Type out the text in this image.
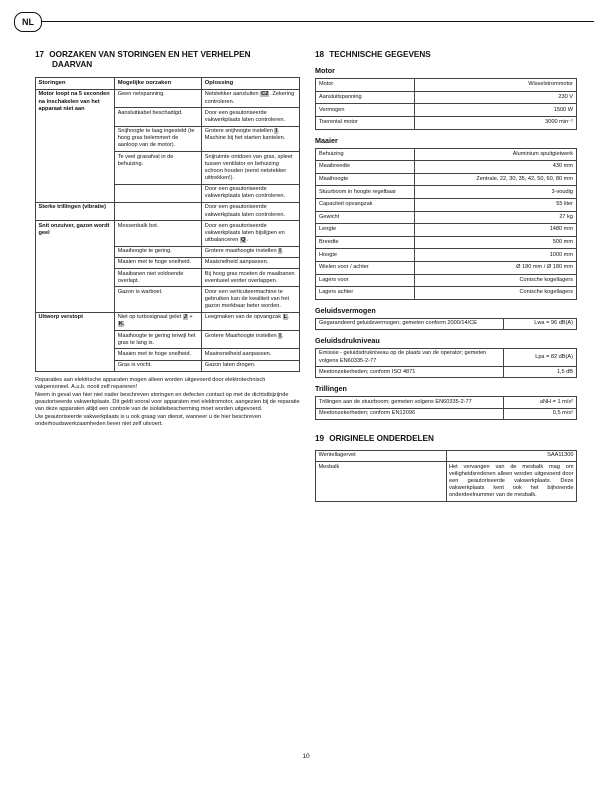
NL
17 OORZAKEN VAN STORINGEN EN HET VERHELPEN
DAARVAN
Storingen	Mogelijke oorzaken	Oplossing
Motor loopt na 5 seconden na inschakelen van het apparaat niet aan	Geen netspanning.	Netstekker aansluiten C2. Zekering controleren.
	Aansluitkabel beschadigd.	Door een geautoriseerde vakwerkplaats laten controleren.
	Snijhoogte te laag ingesteld (te hoog gras belemmert de aanloop van de motor).	Grotere snijhoogte instellen I. Machine bij het starten kantelen.
	Te veel grasafval in de behuizing.	Snijruimte ontdoen van gras, spleet tussen ventilator en behuizing schoon houden (eerst netstekker uittrekken!).
		Door een geautoriseerde vakwerkplaats laten controleren.
Sterke trillingen (vibratie)		Door een geautoriseerde vakwerkplaats laten controleren.
Snit onzuiver, gazon wordt geel	Messenbalk bot.	Door een geautoriseerde vakwerkplaats laten bijslijpen en uitbalanceren Q.
	Maaihoogte te gering.	Grotere maaihoogte instellen I.
	Maaien met te hoge snelheid.	Maaisnelheid aanpassen.
	Maaibanen niet voldoende overlapt.	Bij hoog gras moeten de maaibanen eventueel verder overlappen.
	Gazon is warboel.	Door een verticuteermachine te gebruiken kan de kwaliteit van het gazon merkbaar beter worden.
Uitworp verstopt	Niet op turbosignaal gelet J + K.	Leegmaken van de opvangzak L.
	Maaihoogte te gering terwijl het gras te lang is.	Grotere Maaihoogte instellen I.
	Maaien met te hoge snelheid.	Maainsnelheid aanpassen.
	Gras is vocht.	Gazon laten drogen.

Reparaties aan elektrische apparaten mogen alleen worden uitgevoerd door elektrotechnisch vakpersoneel. A.u.b. nooit zelf repareren!

Neem in geval van hier niet nader beschreven storingen en defecten contact op met de dichtstbijzijnde geautoriseerde vakwerkplaats. Dit geldt vooral voor apparaten met elektromotor, aangezien bij de reparatie van deze apparaten altijd een controle van de isolatiebescherming moet worden uitgevoerd.

Uw geautoriseerde vakwerkplaats is u ook graag van dienst, wanneer u de hier beschreven onderhoudswerkzaamheden liever niet zelf uitvoert.

18 TECHNISCHE GEGEVENS
Motor
Motor	Wisselstrommotor
Aansluitspanning	230 V
Vermogen	1500 W
Toerental motor	3000 min⁻¹
Maaier
Behuizing	Aluminium spuitgietwerk
Maaibreedte	430 mm
Maaihoogte	Zentrale, 22, 30, 35, 42, 50, 60, 80 mm
Stuurboom in hoogte regelbaar	3-voudig
Capaciteit opvangzak	55 liter
Gewicht	27 kg
Lengte	1480 mm
Breedte	500 mm
Hoogte	1000 mm
Wielen voor / achter	Ø 180 mm / Ø 180 mm
Lagers voor	Conische kogellagers
Lagers achter	Conische kogellagers
Geluidsvermogen
Gegarandeerd geluidsvermogen; gemeten conform 2000/14/CE	Lwa = 96 dB(A)
Geluidsdrukniveau
Emissie - geluidsdrukniveau op de plaats van de operator; gemeten volgens EN60335-2-77	Lpa = 82 dB(A)
Meetonzekerheden; conform ISO 4871	1,5 dB
Trillingen
Trillingen aan de stuurboom; gemeten volgens EN60335-2-77	aNH = 1 m/s²
Meetonzekerheden; conform EN12096	0,5 m/s²
19 ORIGINELE ONDERDELEN
Wentellagervet	SAA11300
Mesbalk	Het vervangen van de mesbalk mag om veiligheidsredenen alleen worden uitgevoerd door een geautoriseerde vakwerkplaats. Deze vakwerkplaats kent ook het bijhorende onderdeelnummer van de mesbalk.
10
